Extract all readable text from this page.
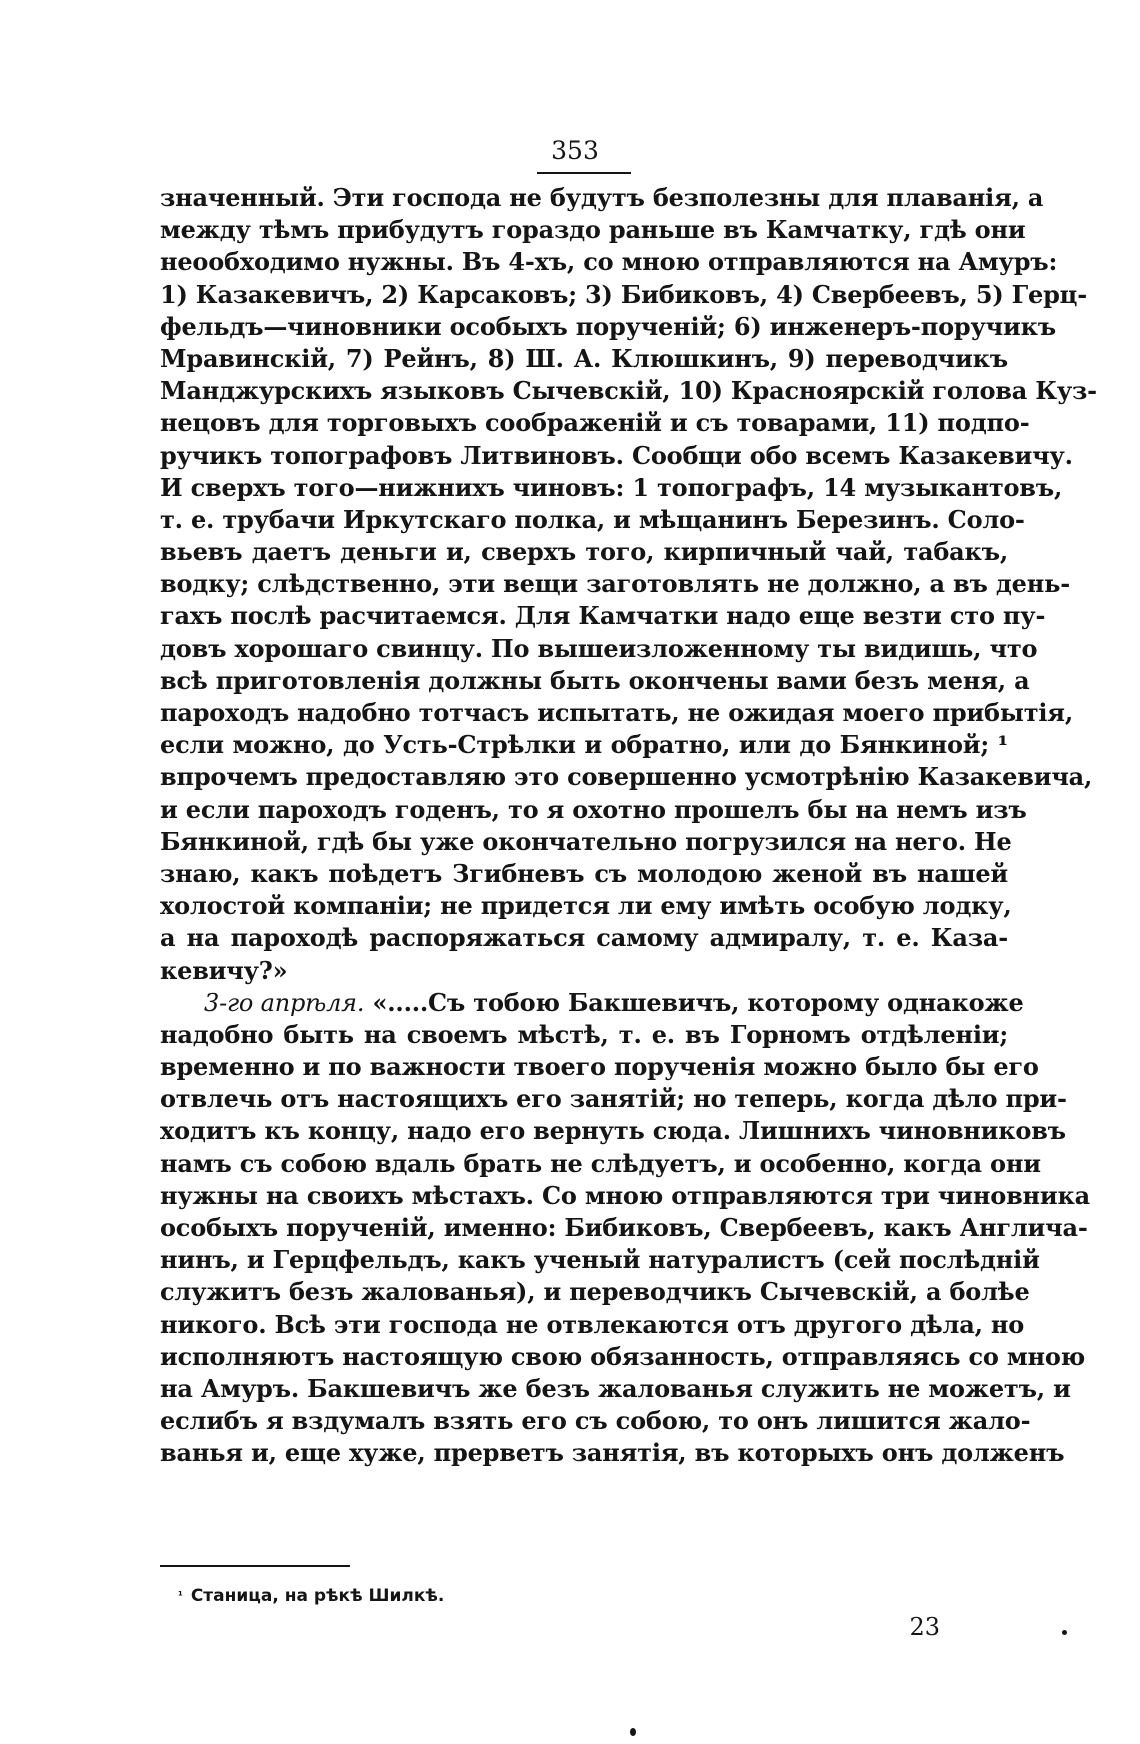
353
значенный. Эти господа не будутъ безполезны для плаванія, а
между тѣмъ прибудутъ гораздо раньше въ Камчатку, гдѣ они
неообходимо нужны. Въ 4-хъ, со мною отправляются на Амуръ:
1) Казакевичъ, 2) Карсаковъ; 3) Бибиковъ, 4) Свербеевъ, 5) Герц-
фельдъ—чиновники особыхъ порученій; 6) инженеръ-поручикъ
Мравинскій, 7) Рейнъ, 8) Ш. А. Клюшкинъ, 9) переводчикъ
Манджурскихъ языковъ Сычевскій, 10) Красноярскій голова Куз-
нецовъ для торговыхъ соображеній и съ товарами, 11) подпо-
ручикъ топографовъ Литвиновъ. Сообщи обо всемъ Казакевичу.
И сверхъ того—нижнихъ чиновъ: 1 топографъ, 14 музыкантовъ,
т. е. трубачи Иркутскаго полка, и мѣщанинъ Березинъ. Соло-
вьевъ даетъ деньги и, сверхъ того, кирпичный чай, табакъ,
водку; слѣдственно, эти вещи заготовлять не должно, а въ день-
гахъ послѣ расчитаемся. Для Камчатки надо еще везти сто пу-
довъ хорошаго свинцу. По вышеизложенному ты видишь, что
всѣ приготовленія должны быть окончены вами безъ меня, а
пароходъ надобно тотчасъ испытать, не ожидая моего прибытія,
если можно, до Усть-Стрѣлки и обратно, или до Бянкиной; ¹
впрочемъ предоставляю это совершенно усмотрѣнію Казакевича,
и если пароходъ годенъ, то я охотно прошелъ бы на немъ изъ
Бянкиной, гдѣ бы уже окончательно погрузился на него. Не
знаю, какъ поѣдетъ Згибневъ съ молодою женой въ нашей
холостой компаніи; не придется ли ему имѣть особую лодку,
а на пароходѣ распоряжаться самому адмиралу, т. е. Каза-
кевичу?»
3-го апрѣля. «.....Съ тобою Бакшевичъ, которому однакоже
надобно быть на своемъ мѣстѣ, т. е. въ Горномъ отдѣленіи;
временно и по важности твоего порученія можно было бы его
отвлечь отъ настоящихъ его занятій; но теперь, когда дѣло при-
ходитъ къ концу, надо его вернуть сюда. Лишнихъ чиновниковъ
намъ съ собою вдаль брать не слѣдуетъ, и особенно, когда они
нужны на своихъ мѣстахъ. Со мною отправляются три чиновника
особыхъ порученій, именно: Бибиковъ, Свербеевъ, какъ Англича-
нинъ, и Герцфельдъ, какъ ученый натуралистъ (сей послѣдній
служитъ безъ жалованья), и переводчикъ Сычевскій, а болѣе
никого. Всѣ эти господа не отвлекаются отъ другого дѣла, но
исполняютъ настоящую свою обязанность, отправляясь со мною
на Амуръ. Бакшевичъ же безъ жалованья служить не можетъ, и
еслибъ я вздумалъ взять его съ собою, то онъ лишится жало-
ванья и, еще хуже, прерветъ занятія, въ которыхъ онъ долженъ
$^{^1}$ Станица, на рѣкѣ Шилкѣ.
23
